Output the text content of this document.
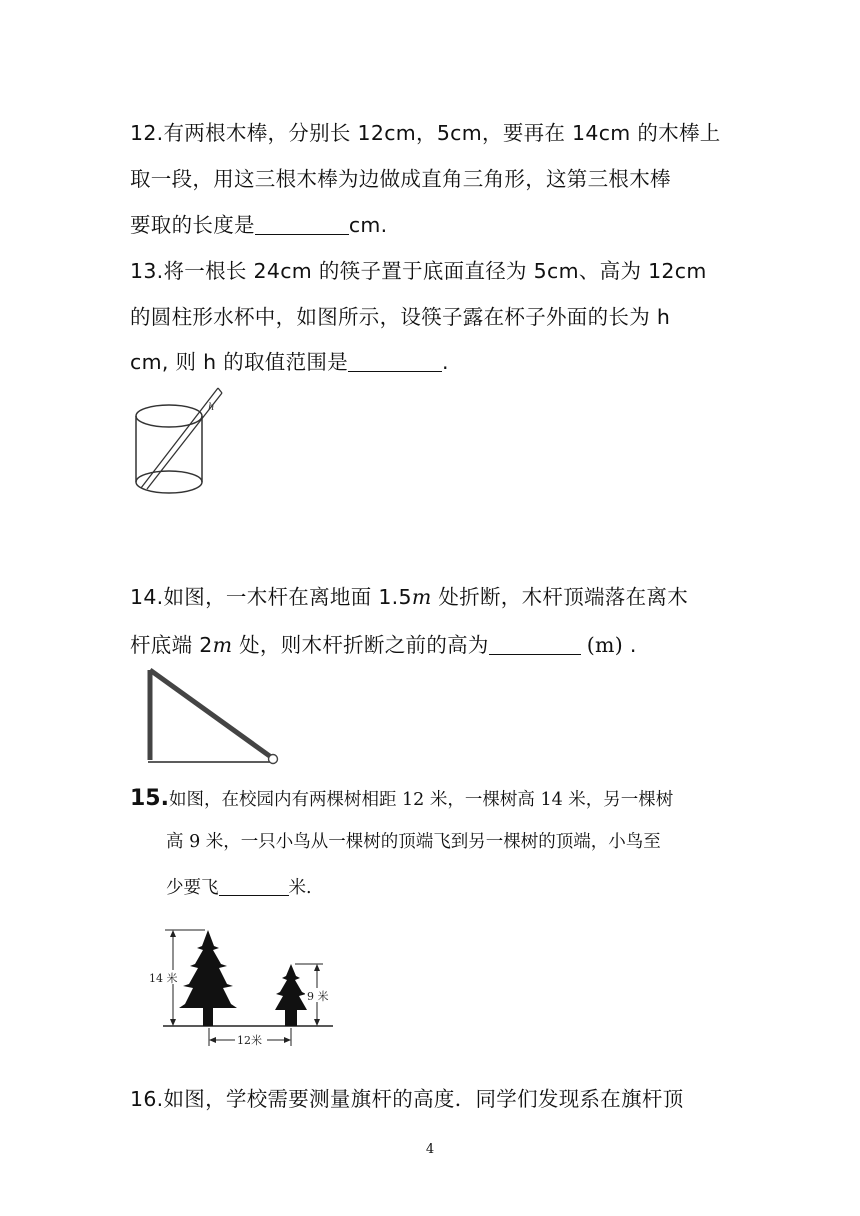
12.有两根木棒，分别长 12cm，5cm，要再在 14cm 的木棒上
取一段，用这三根木棒为边做成直角三角形，这第三根木棒
要取的长度是	cm.
13.将一根长 24cm 的筷子置于底面直径为 5cm、高为 12cm
的圆柱形水杯中，如图所示，设筷子露在杯子外面的长为 h
cm, 则 h 的取值范围是	.
h
14.如图，一木杆在离地面 1.5m 处折断，木杆顶端落在离木
杆底端 2m 处，则木杆折断之前的高为	(m) .
15.如图，在校园内有两棵树相距 12 米，一棵树高 14 米，另一棵树
高 9 米，一只小鸟从一棵树的顶端飞到另一棵树的顶端，小鸟至
少要飞	米.
14 米
9 米
12米
16.如图，学校需要测量旗杆的高度．同学们发现系在旗杆顶
4
